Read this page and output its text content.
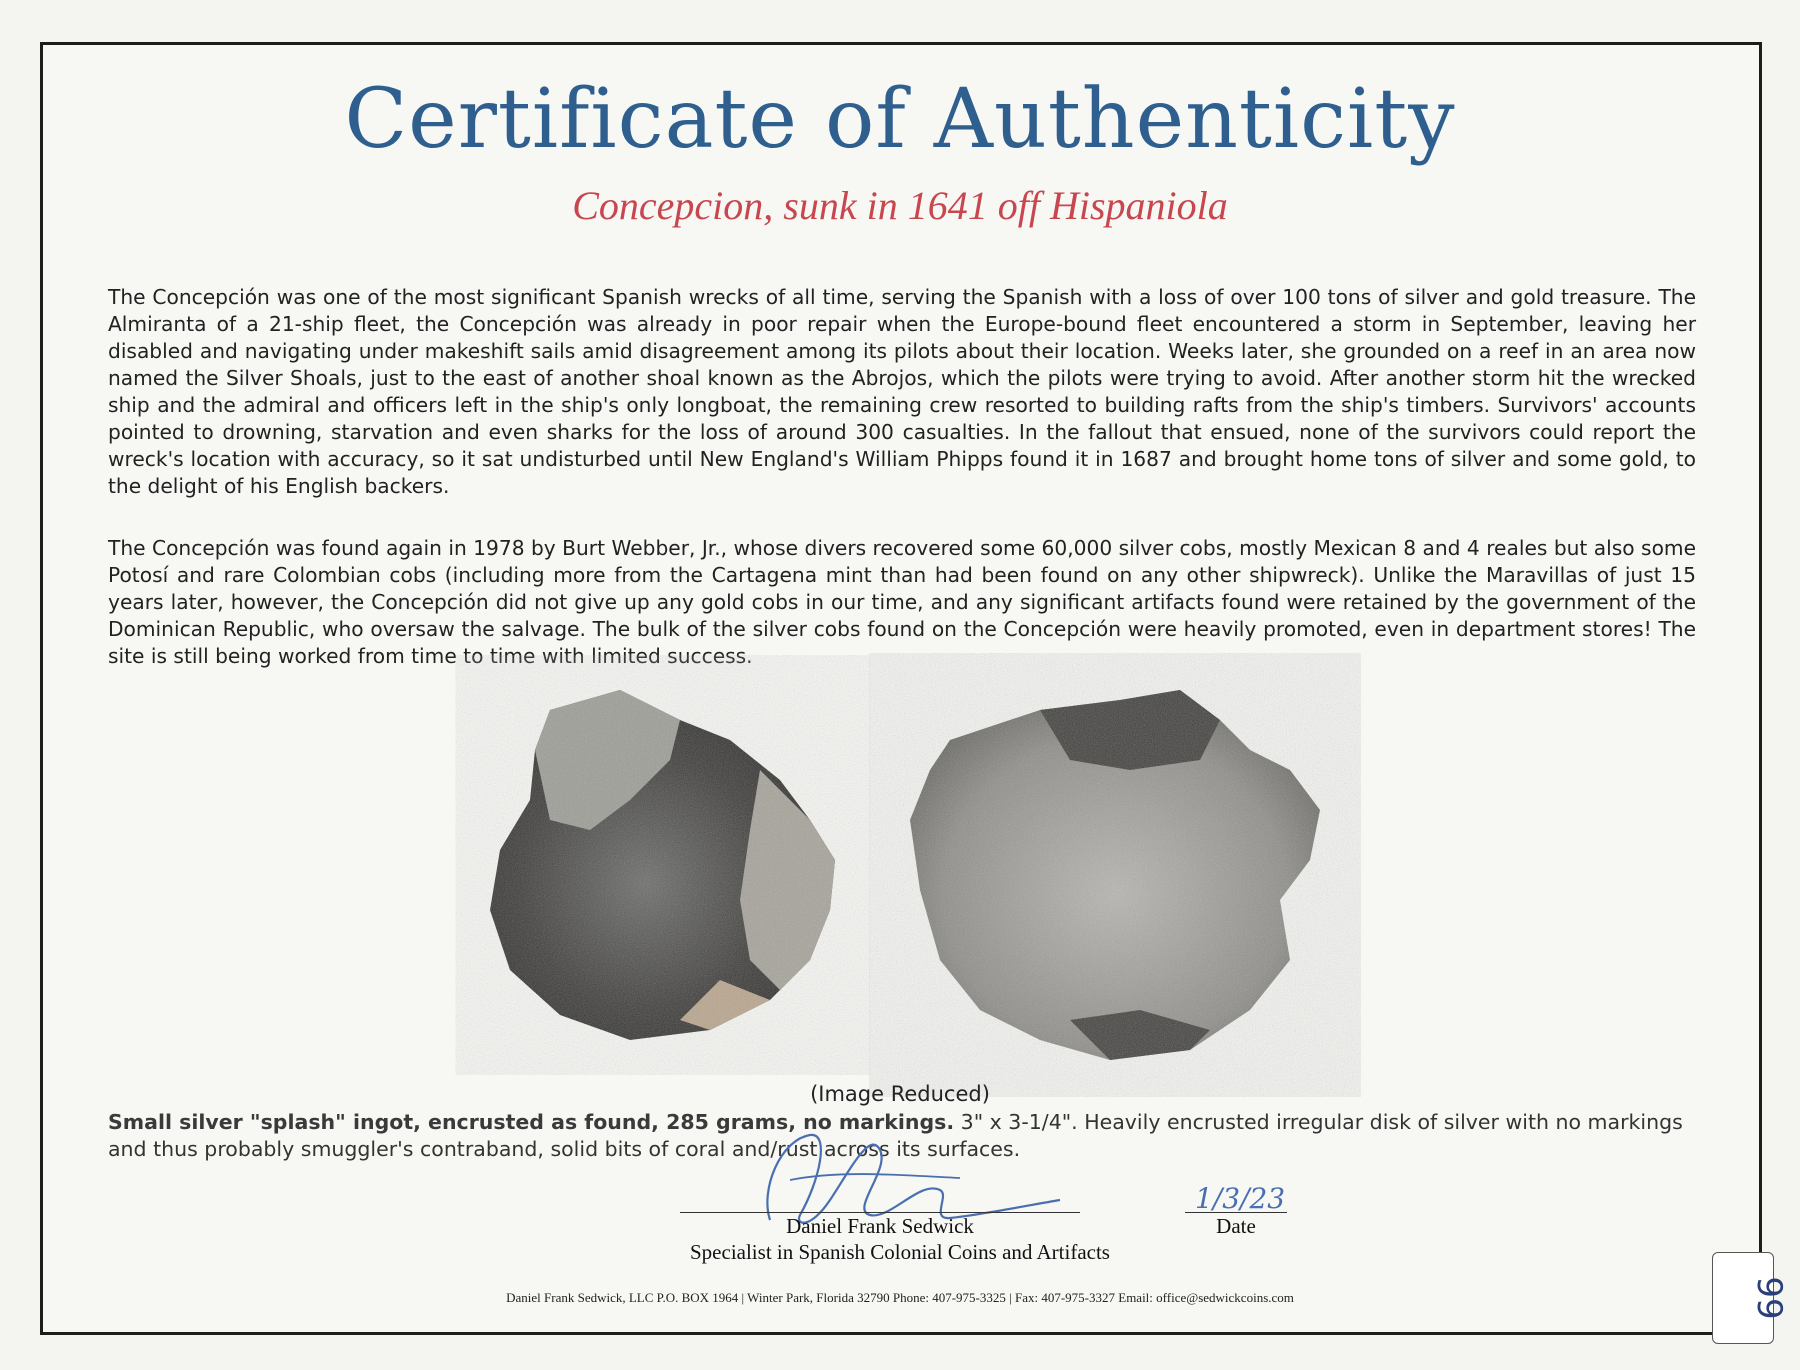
Certificate of Authenticity

Concepcion, sunk in 1641 off Hispaniola

The Concepción was one of the most significant Spanish wrecks of all time, serving the Spanish with a loss of over 100 tons of silver and gold treasure. The Almiranta of a 21-ship fleet, the Concepción was already in poor repair when the Europe-bound fleet encountered a storm in September, leaving her disabled and navigating under makeshift sails amid disagreement among its pilots about their location. Weeks later, she grounded on a reef in an area now named the Silver Shoals, just to the east of another shoal known as the Abrojos, which the pilots were trying to avoid. After another storm hit the wrecked ship and the admiral and officers left in the ship's only longboat, the remaining crew resorted to building rafts from the ship's timbers. Survivors' accounts pointed to drowning, starvation and even sharks for the loss of around 300 casualties. In the fallout that ensued, none of the survivors could report the wreck's location with accuracy, so it sat undisturbed until New England's William Phipps found it in 1687 and brought home tons of silver and some gold, to the delight of his English backers.

The Concepción was found again in 1978 by Burt Webber, Jr., whose divers recovered some 60,000 silver cobs, mostly Mexican 8 and 4 reales but also some Potosí and rare Colombian cobs (including more from the Cartagena mint than had been found on any other shipwreck). Unlike the Maravillas of just 15 years later, however, the Concepción did not give up any gold cobs in our time, and any significant artifacts found were retained by the government of the Dominican Republic, who oversaw the salvage. The bulk of the silver cobs found on the Concepción were heavily promoted, even in department stores! The site is still being worked from time to time with limited success.

(Image Reduced)

Small silver "splash" ingot, encrusted as found, 285 grams, no markings. 3" x 3-1/4". Heavily encrusted irregular disk of silver with no markings and thus probably smuggler's contraband, solid bits of coral and/rust across its surfaces.

1/3/23

Daniel Frank Sedwick	Date

Specialist in Spanish Colonial Coins and Artifacts

Daniel Frank Sedwick, LLC P.O. BOX 1964 | Winter Park, Florida 32790 Phone: 407-975-3325 | Fax: 407-975-3327 Email: office@sedwickcoins.com	99
